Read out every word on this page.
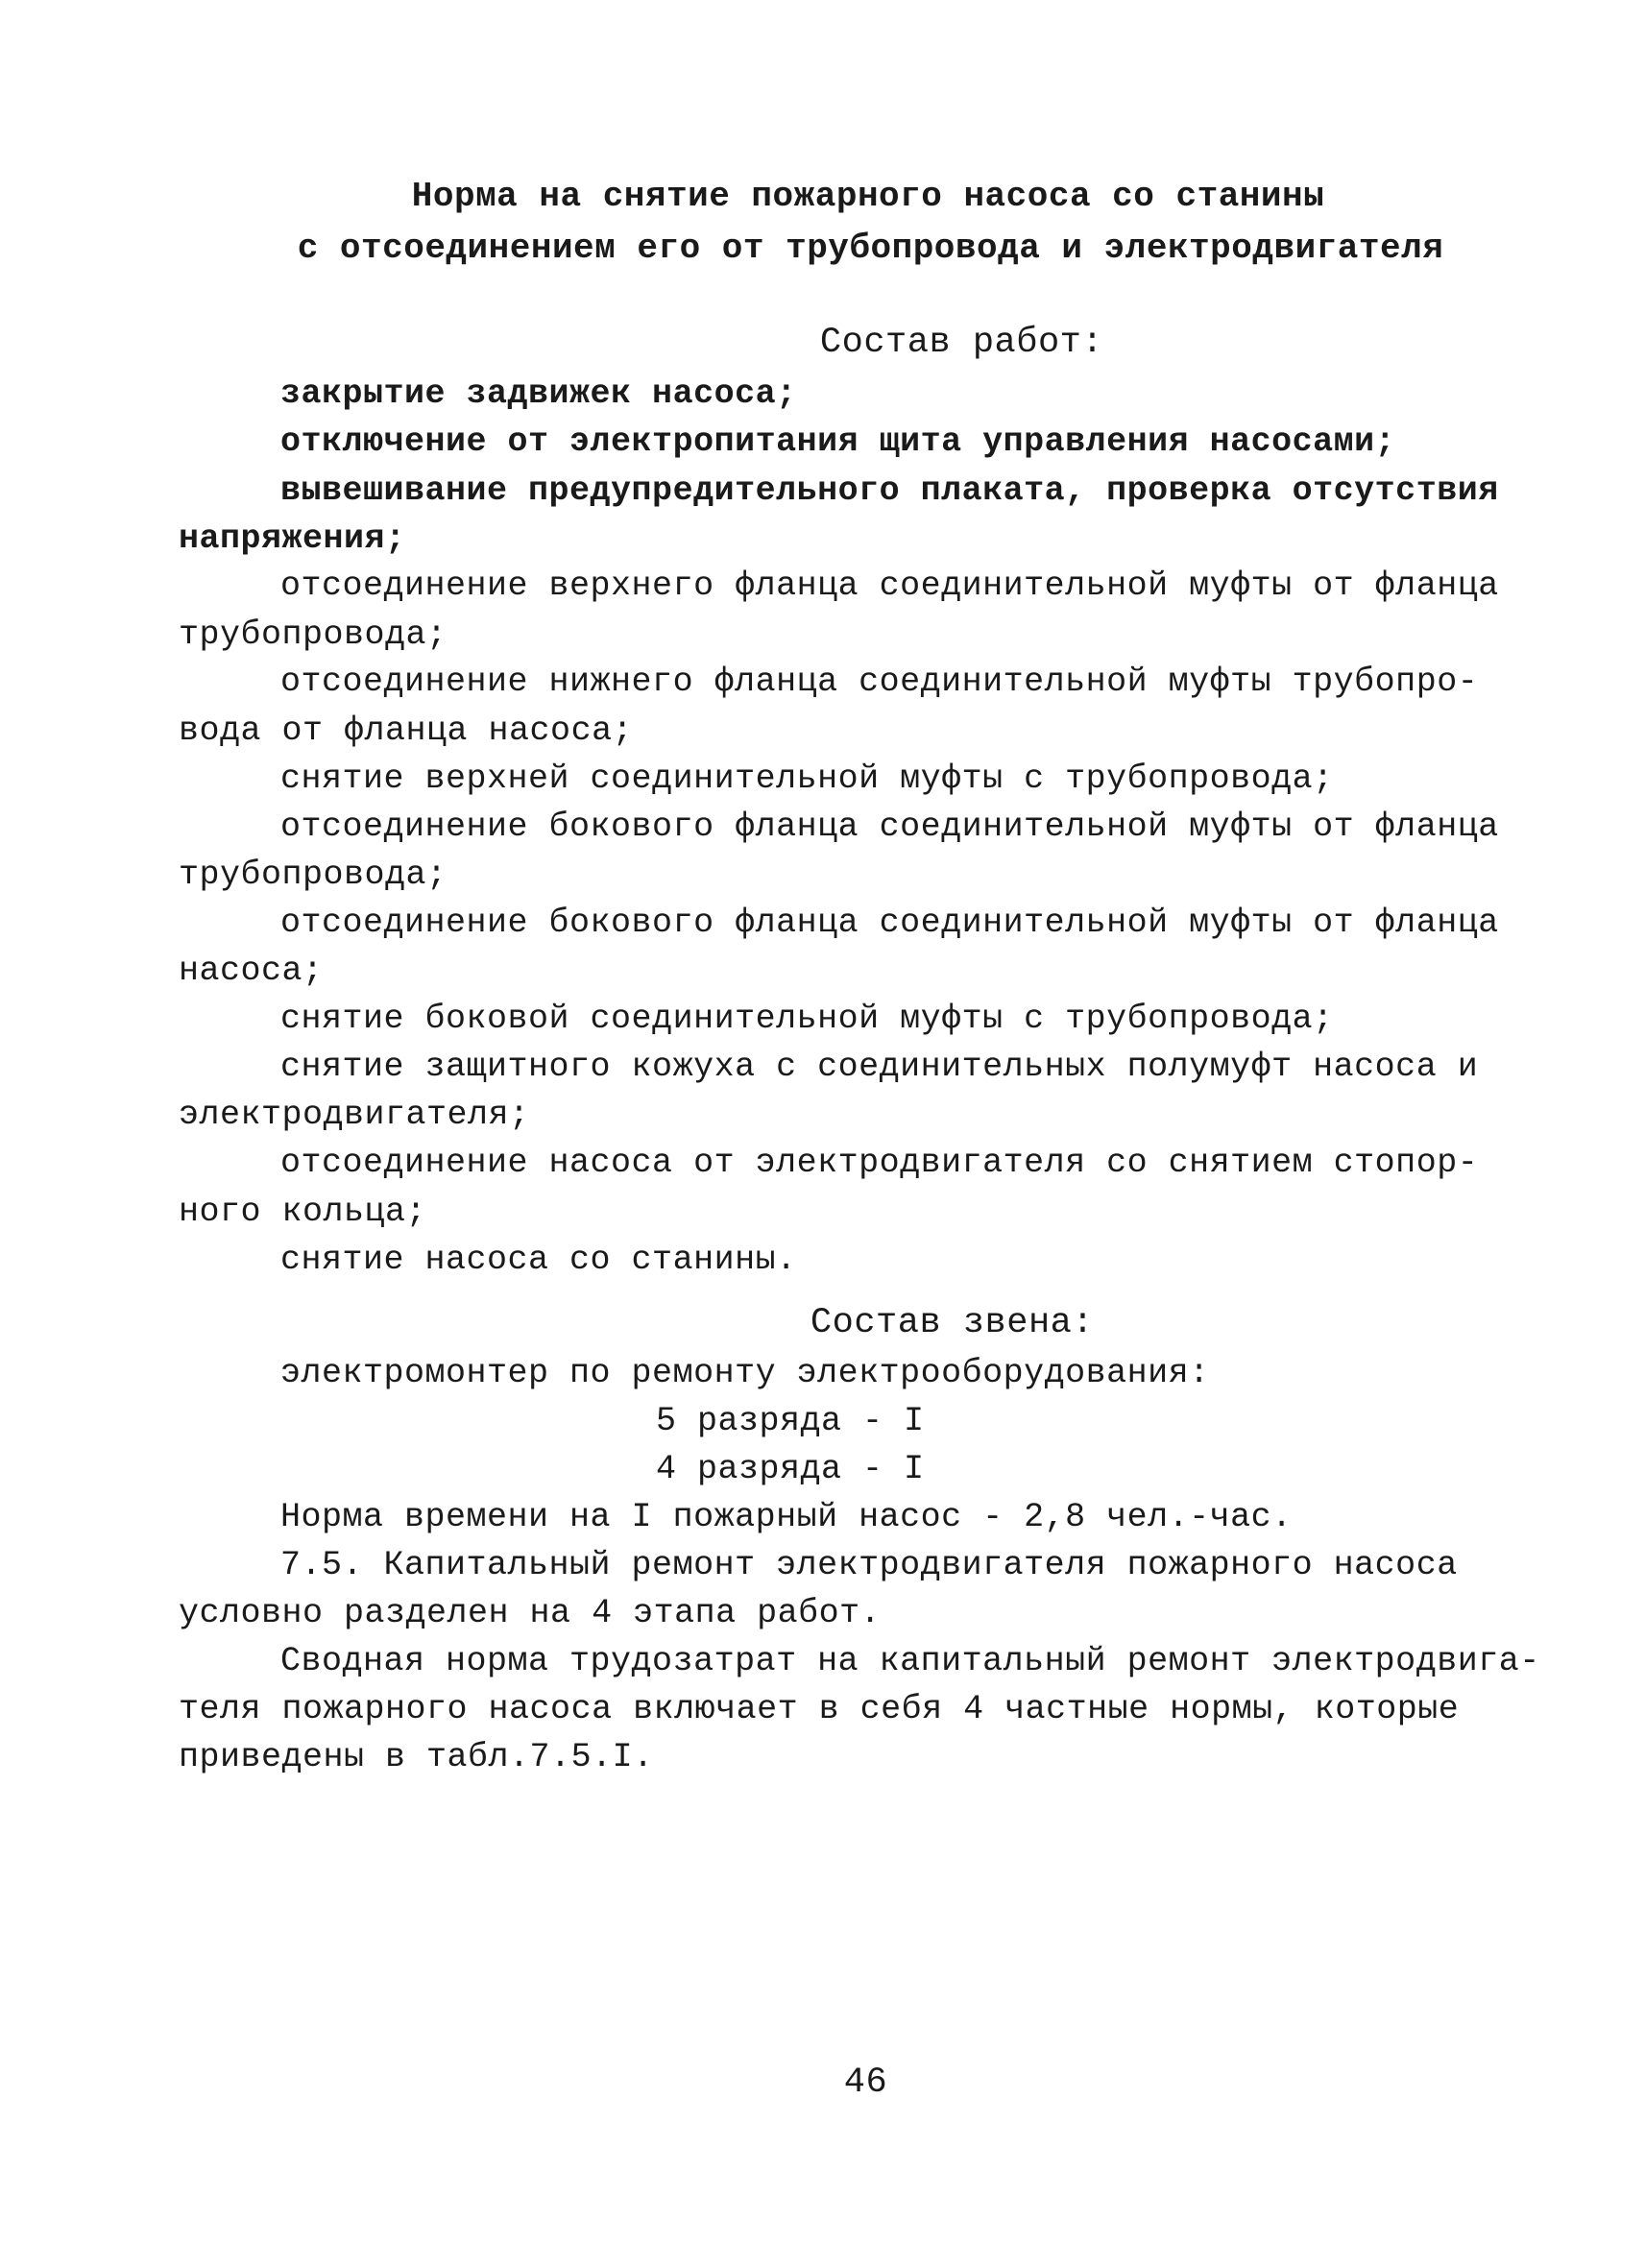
Норма на снятие пожарного насоса со станины
с отсоединением его от трубопровода и электродвигателя
Состав работ:
закрытие задвижек насоса;
отключение от электропитания щита управления насосами;
вывешивание предупредительного плаката, проверка отсутствия
напряжения;
отсоединение верхнего фланца соединительной муфты от фланца
трубопровода;
отсоединение нижнего фланца соединительной муфты трубопро-
вода от фланца насоса;
снятие верхней соединительной муфты с трубопровода;
отсоединение бокового фланца соединительной муфты от фланца
трубопровода;
отсоединение бокового фланца соединительной муфты от фланца
насоса;
снятие боковой соединительной муфты с трубопровода;
снятие защитного кожуха с соединительных полумуфт насоса и
электродвигателя;
отсоединение насоса от электродвигателя со снятием стопор-
ного кольца;
снятие насоса со станины.
Состав звена:
электромонтер по ремонту электрооборудования:
5 разряда - I
4 разряда - I
Норма времени на I пожарный насос - 2,8 чел.-час.
7.5. Капитальный ремонт электродвигателя пожарного насоса
условно разделен на 4 этапа работ.
Сводная норма трудозатрат на капитальный ремонт электродвига-
теля пожарного насоса включает в себя 4 частные нормы, которые
приведены в табл.7.5.I.
46
